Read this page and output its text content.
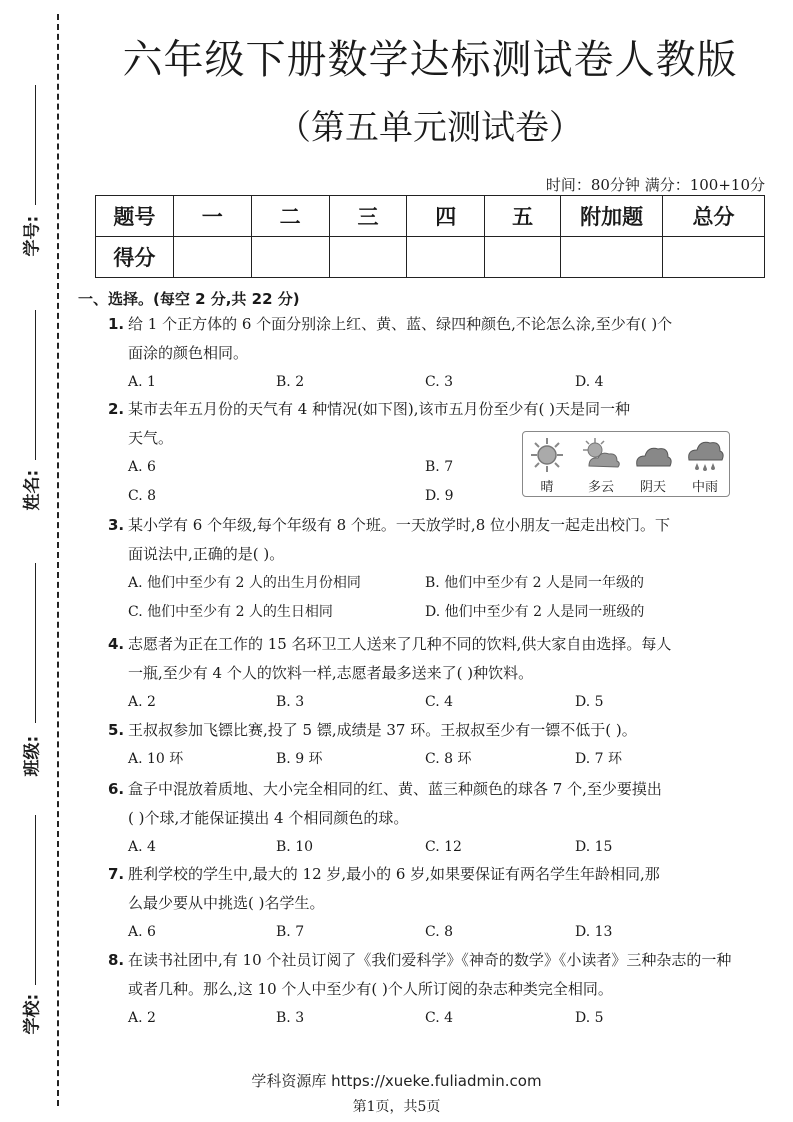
学号:
姓名:
班级:
学校:
六年级下册数学达标测试卷人教版
（第五单元测试卷）
时间：80分钟 满分：100+10分
题号	一	二	三	四	五	附加题	总分
得分							
一、选择。(每空 2 分,共 22 分)
1. 给 1 个正方体的 6 个面分别涂上红、黄、蓝、绿四种颜色,不论怎么涂,至少有( )个
面涂的颜色相同。
A. 1	B. 2	C. 3	D. 4
2. 某市去年五月份的天气有 4 种情况(如下图),该市五月份至少有( )天是同一种
天气。
A. 6	B. 7
C. 8	D. 9
晴	多云	阴天	中雨
3. 某小学有 6 个年级,每个年级有 8 个班。一天放学时,8 位小朋友一起走出校门。下
面说法中,正确的是( )。
A. 他们中至少有 2 人的出生月份相同	B. 他们中至少有 2 人是同一年级的
C. 他们中至少有 2 人的生日相同	D. 他们中至少有 2 人是同一班级的
4. 志愿者为正在工作的 15 名环卫工人送来了几种不同的饮料,供大家自由选择。每人
一瓶,至少有 4 个人的饮料一样,志愿者最多送来了( )种饮料。
A. 2	B. 3	C. 4	D. 5
5. 王叔叔参加飞镖比赛,投了 5 镖,成绩是 37 环。王叔叔至少有一镖不低于( )。
A. 10 环	B. 9 环	C. 8 环	D. 7 环
6. 盒子中混放着质地、大小完全相同的红、黄、蓝三种颜色的球各 7 个,至少要摸出
( )个球,才能保证摸出 4 个相同颜色的球。
A. 4	B. 10	C. 12	D. 15
7. 胜利学校的学生中,最大的 12 岁,最小的 6 岁,如果要保证有两名学生年龄相同,那
么最少要从中挑选( )名学生。
A. 6	B. 7	C. 8	D. 13
8. 在读书社团中,有 10 个社员订阅了《我们爱科学》《神奇的数学》《小读者》三种杂志的一种
或者几种。那么,这 10 个人中至少有( )个人所订阅的杂志种类完全相同。
A. 2	B. 3	C. 4	D. 5
学科资源库 https://xueke.fuliadmin.com
第1页，共5页
